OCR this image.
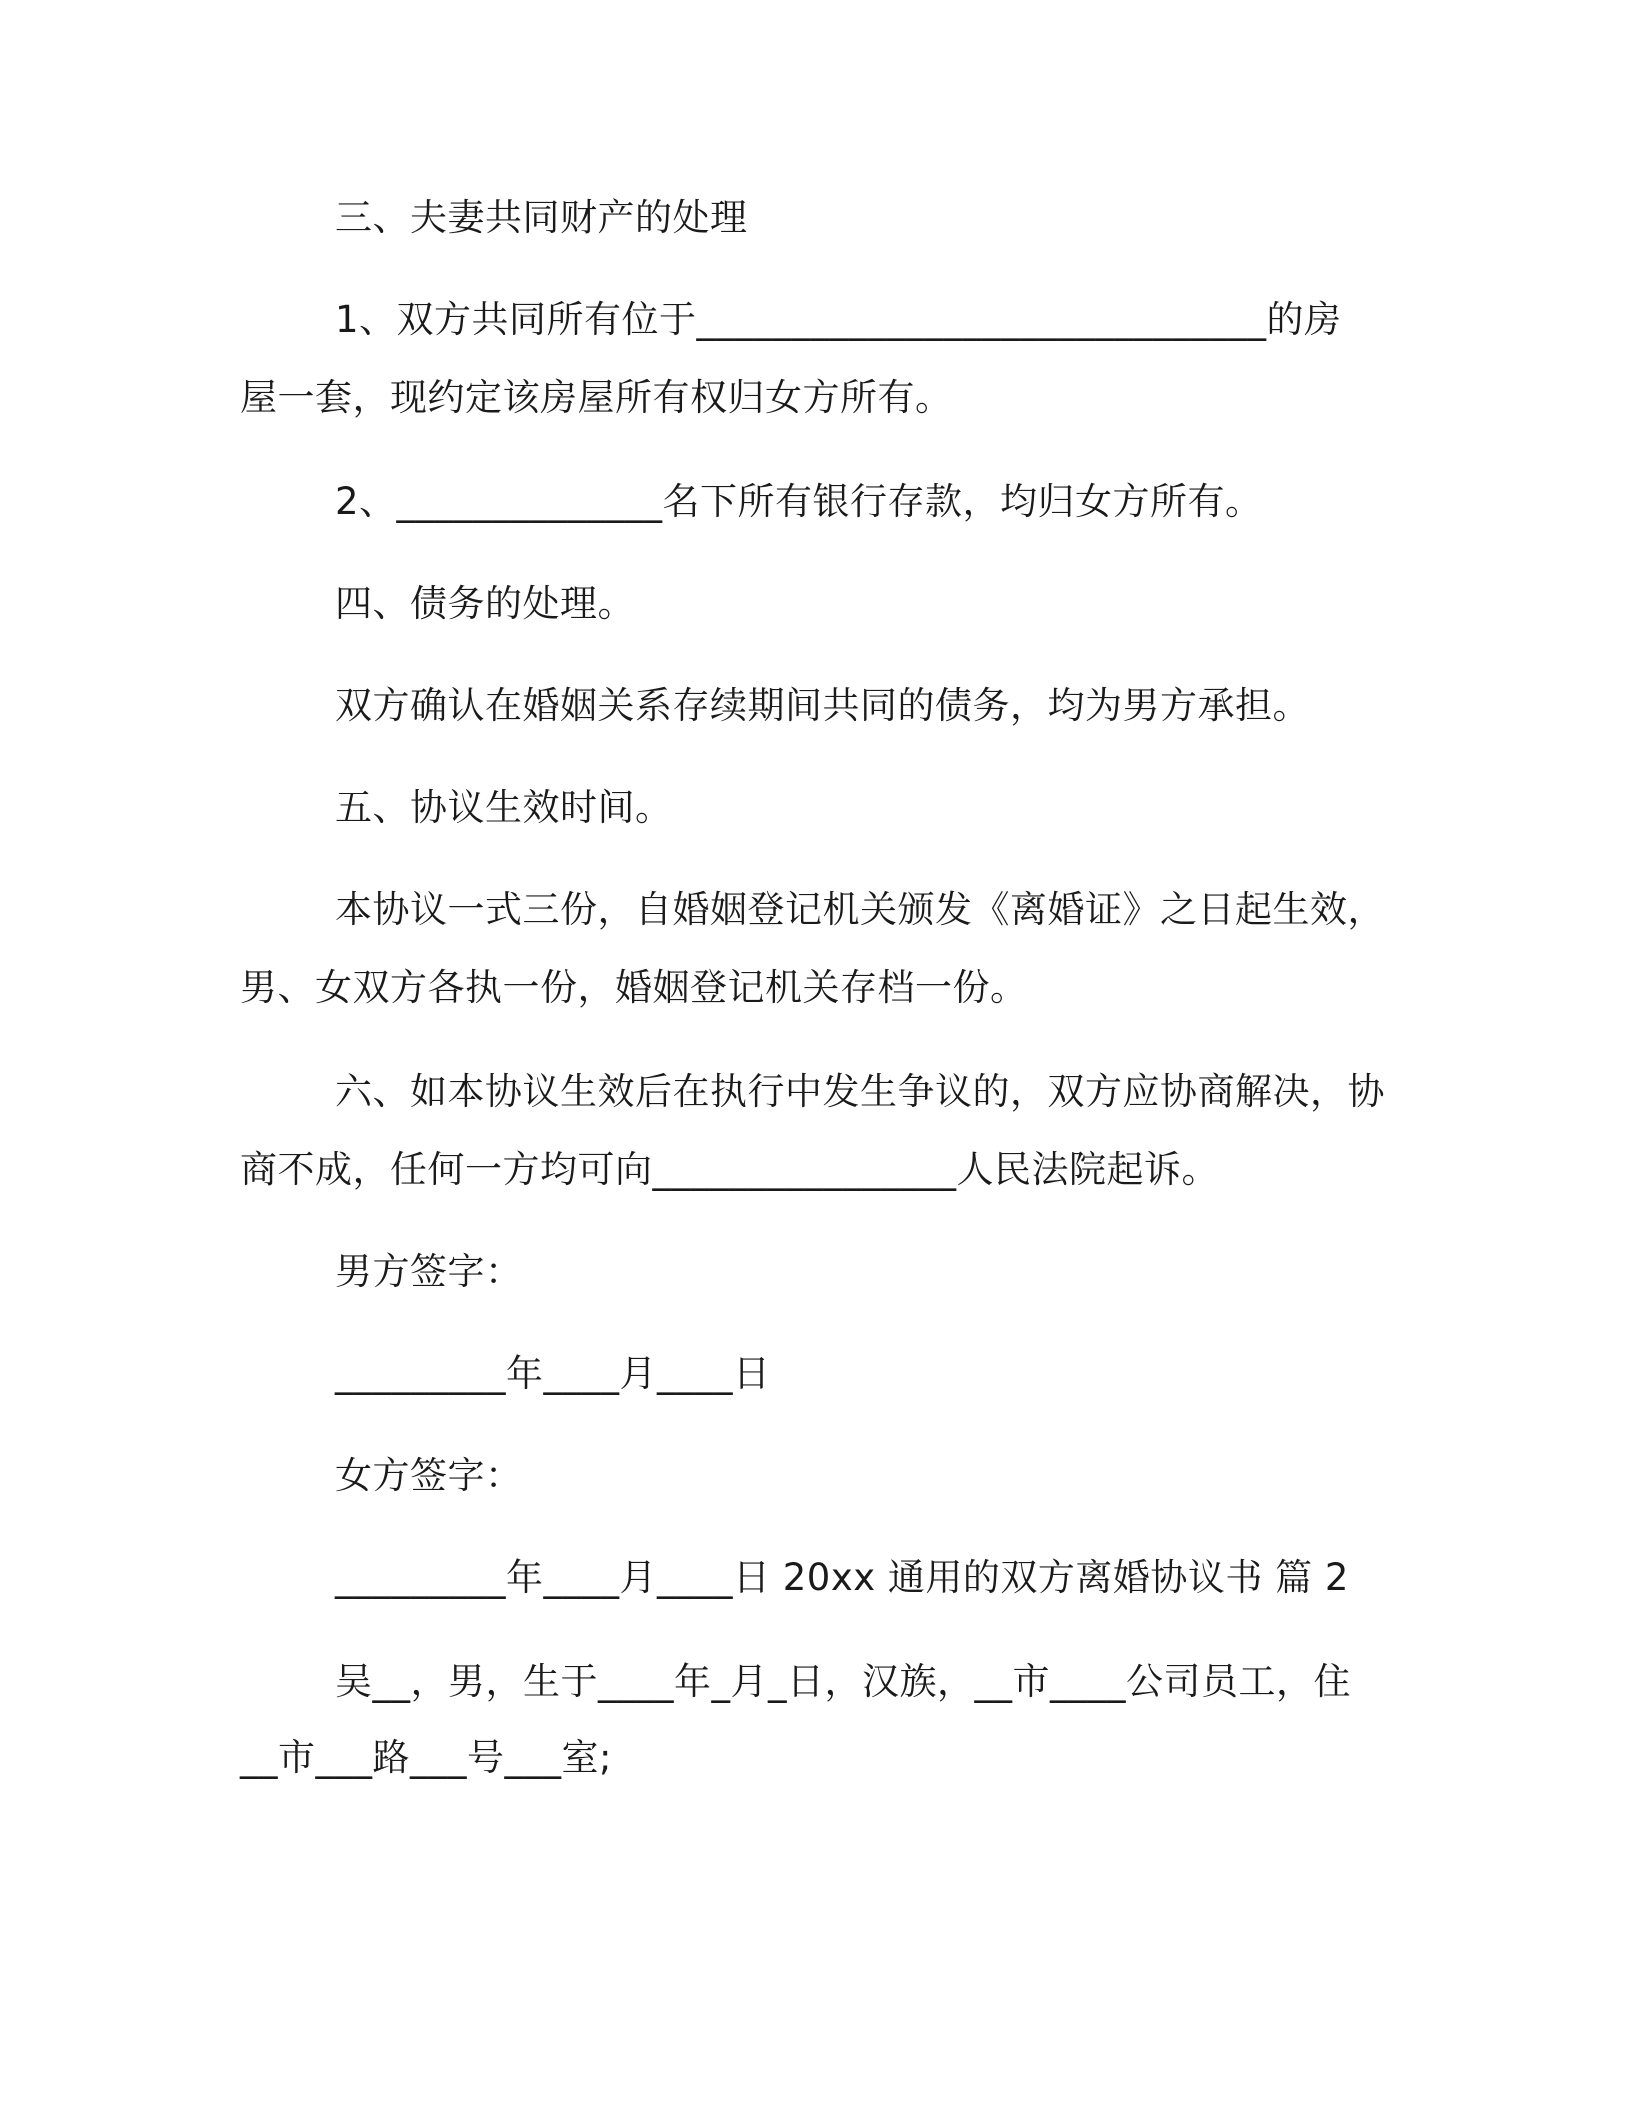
三、夫妻共同财产的处理
1、双方共同所有位于______________________________的房
屋一套，现约定该房屋所有权归女方所有。
2、______________名下所有银行存款，均归女方所有。
四、债务的处理。
双方确认在婚姻关系存续期间共同的债务，均为男方承担。
五、协议生效时间。
本协议一式三份，自婚姻登记机关颁发《离婚证》之日起生效，
男、女双方各执一份，婚姻登记机关存档一份。
六、如本协议生效后在执行中发生争议的，双方应协商解决，协
商不成，任何一方均可向________________人民法院起诉。
男方签字：
_________年____月____日
女方签字：
_________年____月____日 20xx 通用的双方离婚协议书 篇 2
吴__，男，生于____年_月_日，汉族，__市____公司员工，住
__市___路___号___室;
